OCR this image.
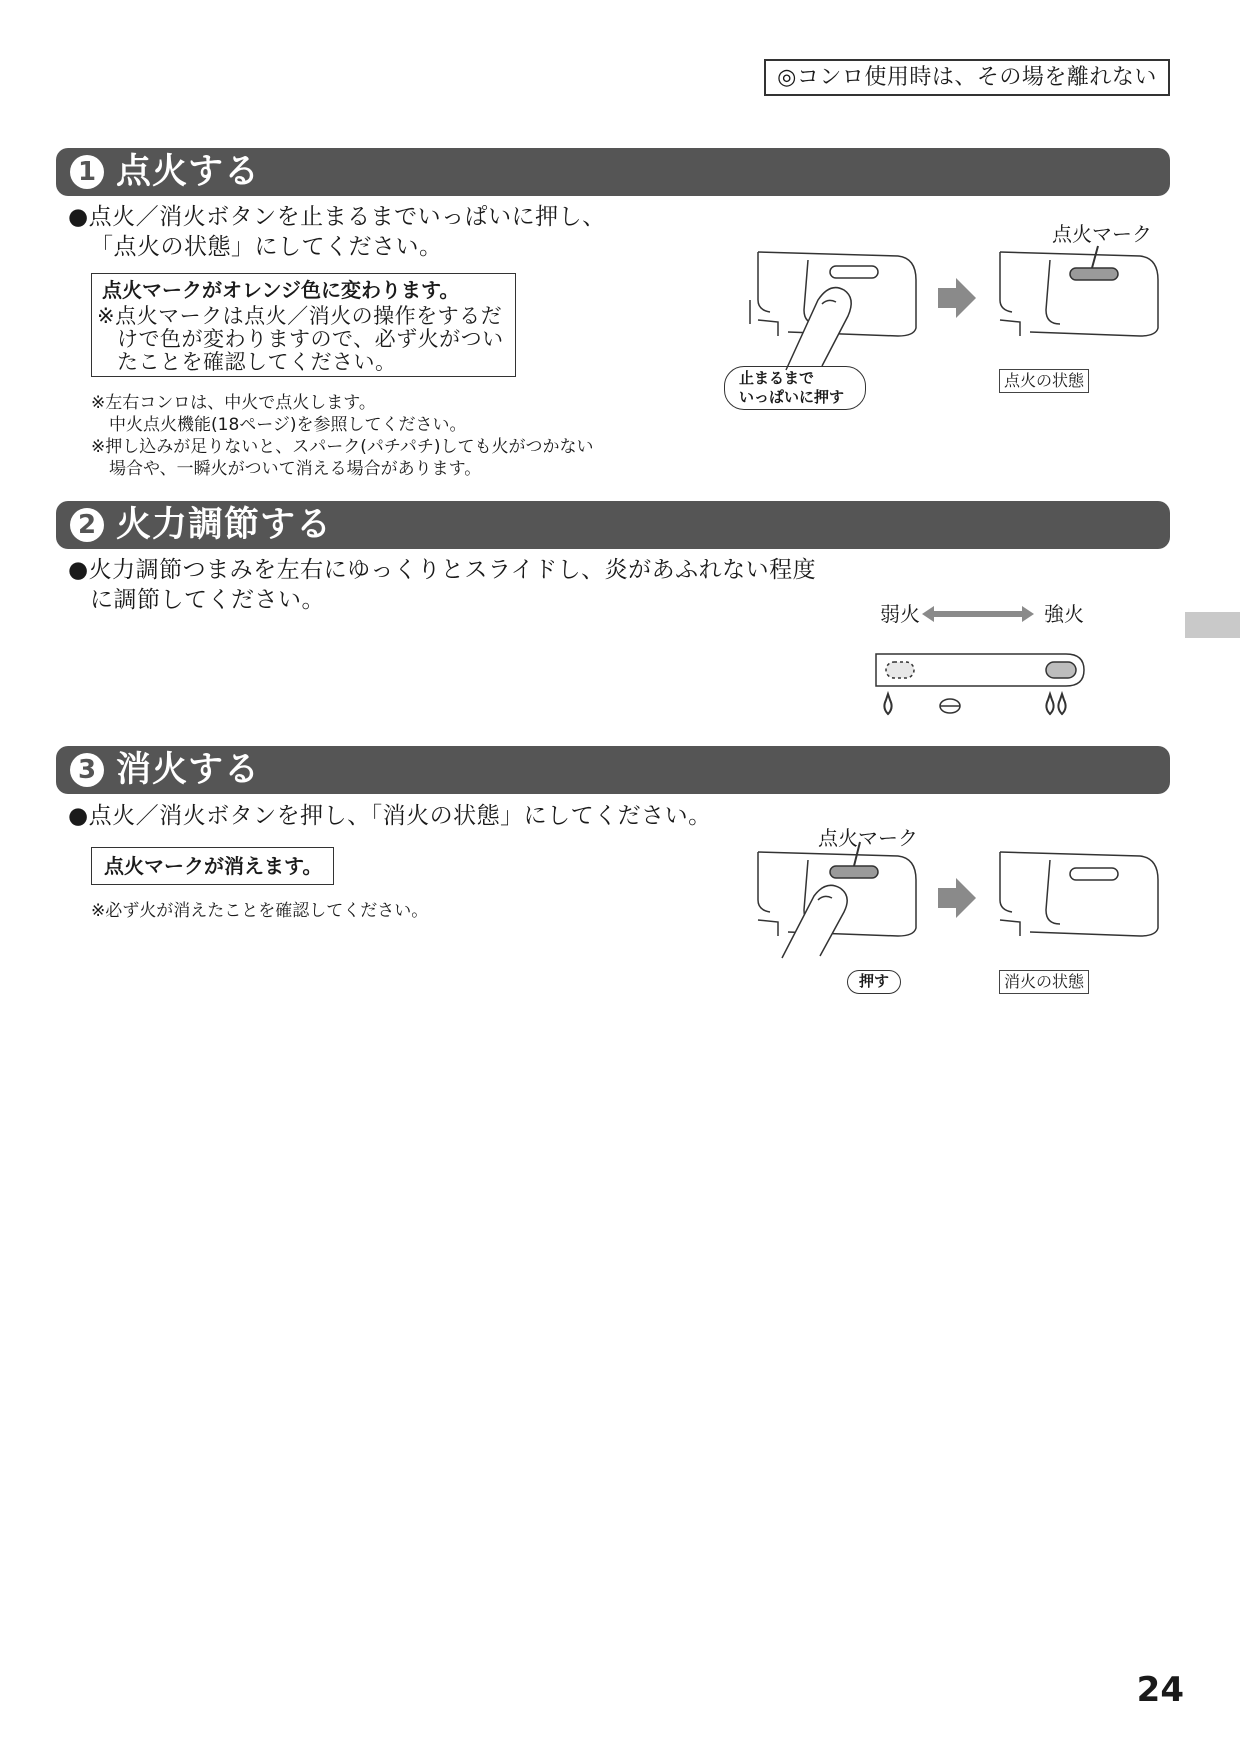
◎コンロ使用時は、その場を離れない
1 点火する
●点火／消火ボタンを止まるまでいっぱいに押し、
「点火の状態」にしてください。
点火マークがオレンジ色に変わります。
※点火マークは点火／消火の操作をするだ
けで色が変わりますので、必ず火がつい
たことを確認してください。
※左右コンロは、中火で点火します。
中火点火機能(18ページ)を参照してください。
※押し込みが足りないと、スパーク(パチパチ)しても火がつかない
場合や、一瞬火がついて消える場合があります。
点火マーク
止まるまで
いっぱいに押す
点火の状態
2 火力調節する
●火力調節つまみを左右にゆっくりとスライドし、炎があふれない程度
に調節してください。
弱火	強火
3 消火する
●点火／消火ボタンを押し、「消火の状態」にしてください。
点火マークが消えます。
※必ず火が消えたことを確認してください。
点火マーク
押す	消火の状態
24
